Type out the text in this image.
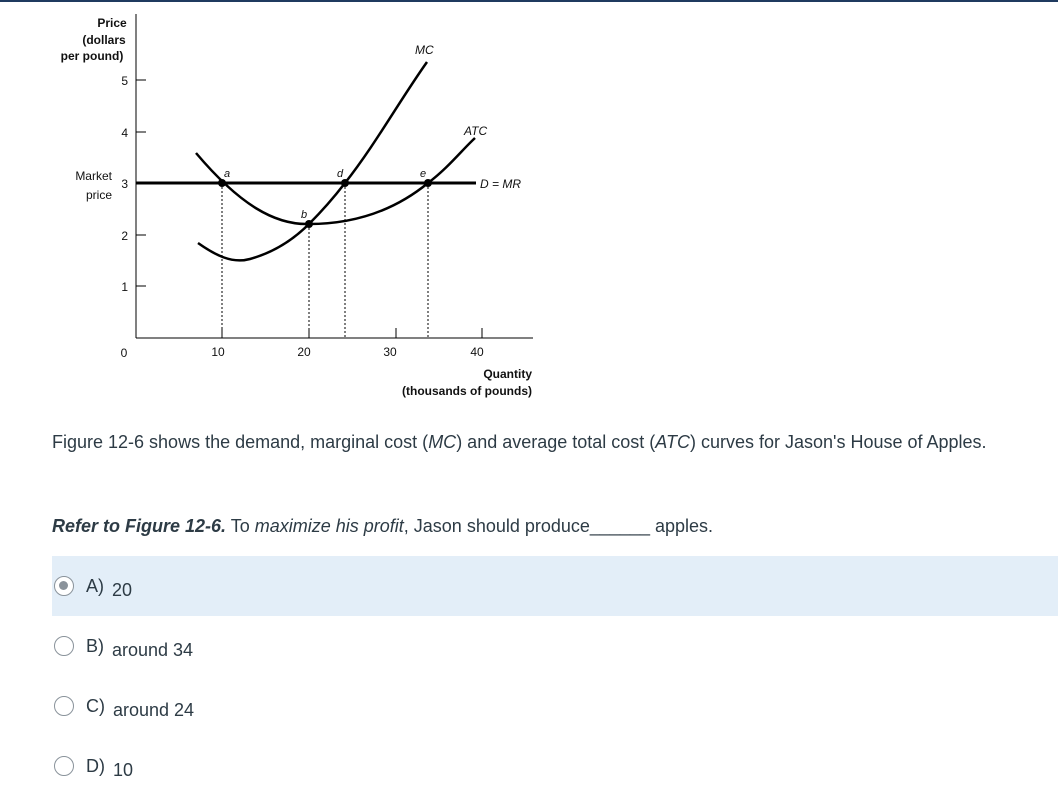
Price
(dollars
per pound)
Market
price
5
4
3
2
1
0	10	20	30	40
Quantity
(thousands of pounds)
MC
ATC
D = MR
a
b
d	e
Figure 12-6 shows the demand, marginal cost (MC) and average total cost (ATC) curves for Jason's House of Apples.
Refer to Figure 12-6. To maximize his profit, Jason should produce______ apples.
A) 20
B) around 34
C) around 24
D) 10
